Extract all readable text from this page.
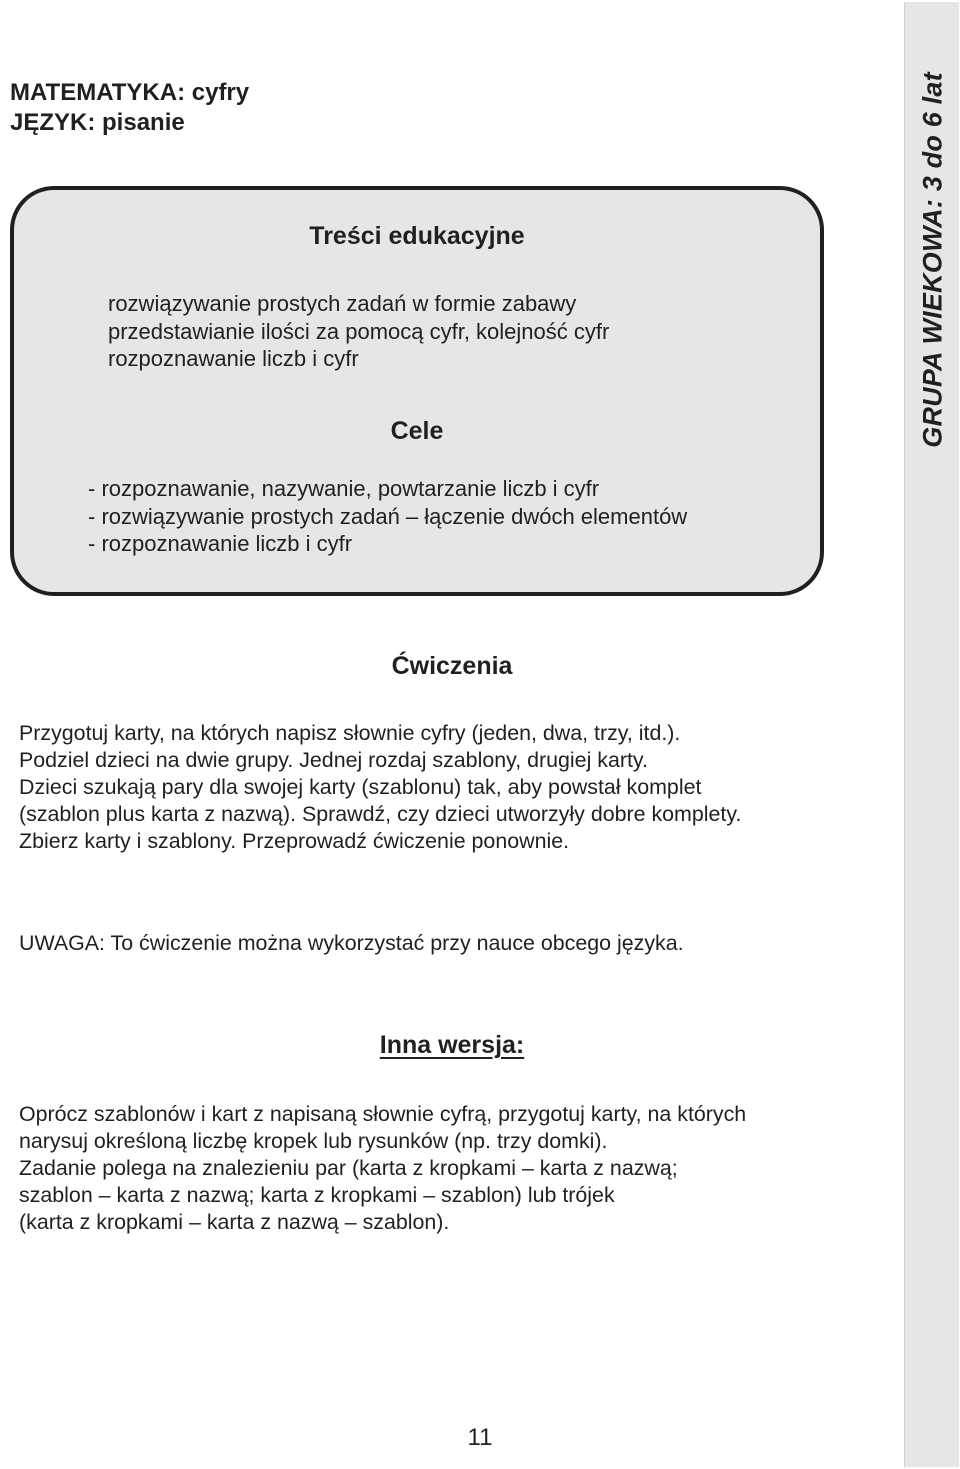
GRUPA WIEKOWA: 3 do 6 lat
MATEMATYKA: cyfry
JĘZYK: pisanie
Treści edukacyjne
rozwiązywanie prostych zadań w formie zabawy
przedstawianie ilości za pomocą cyfr, kolejność cyfr
rozpoznawanie liczb i cyfr
Cele
- rozpoznawanie, nazywanie, powtarzanie liczb i cyfr
- rozwiązywanie prostych zadań – łączenie dwóch elementów
- rozpoznawanie liczb i cyfr
Ćwiczenia
Przygotuj karty, na których napisz słownie cyfry (jeden, dwa, trzy, itd.).
Podziel dzieci na dwie grupy. Jednej rozdaj szablony, drugiej karty.
Dzieci szukają pary dla swojej karty (szablonu) tak, aby powstał komplet
(szablon plus karta z nazwą). Sprawdź, czy dzieci utworzyły dobre komplety.
Zbierz karty i szablony. Przeprowadź ćwiczenie ponownie.
UWAGA: To ćwiczenie można wykorzystać przy nauce obcego języka.
Inna wersja:
Oprócz szablonów i kart z napisaną słownie cyfrą, przygotuj karty, na których
narysuj określoną liczbę kropek lub rysunków (np. trzy domki).
Zadanie polega na znalezieniu par (karta z kropkami – karta z nazwą;
szablon – karta z nazwą; karta z kropkami – szablon) lub trójek
(karta z kropkami – karta z nazwą – szablon).
11
